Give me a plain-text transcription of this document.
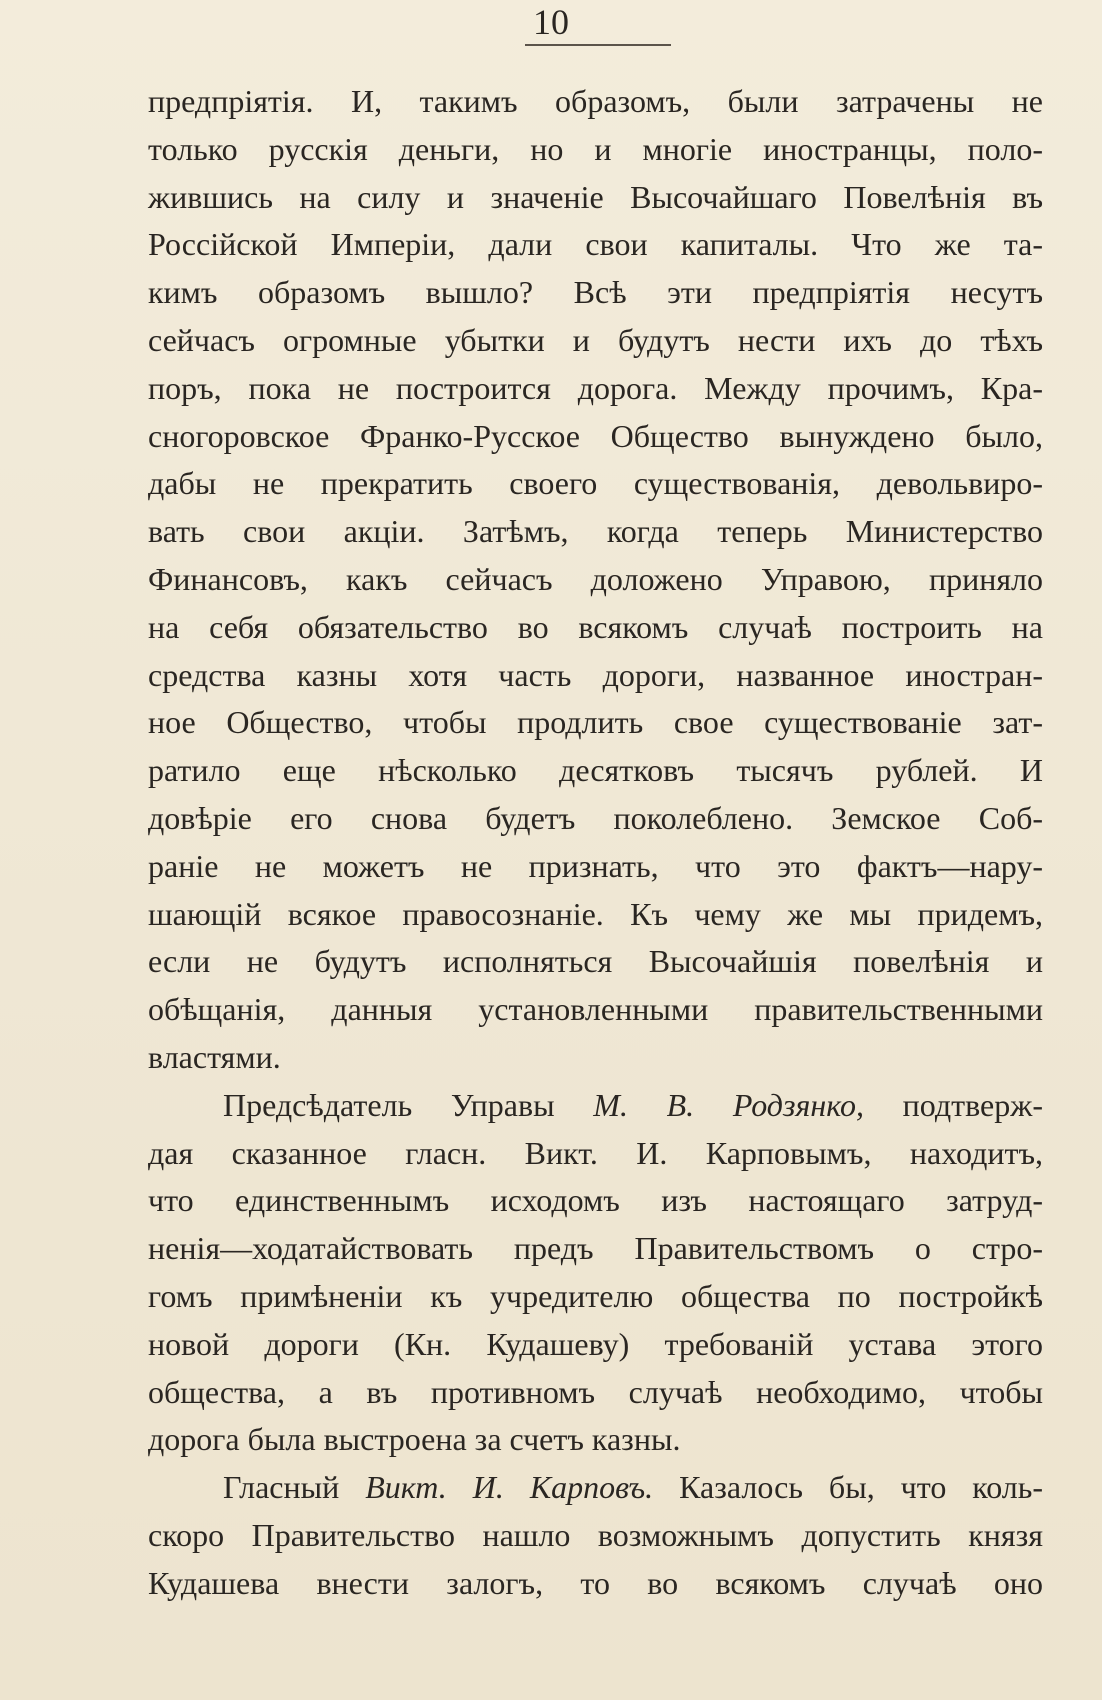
10
предпріятія. И, такимъ образомъ, были затрачены не
только русскія деньги, но и многіе иностранцы, поло-
жившись на силу и значеніе Высочайшаго Повелѣнія въ
Россійской Имперіи, дали свои капиталы. Что же та-
кимъ образомъ вышло? Всѣ эти предпріятія несутъ
сейчасъ огромные убытки и будутъ нести ихъ до тѣхъ
поръ, пока не построится дорога. Между прочимъ, Кра-
сногоровское Франко-Русское Общество вынуждено было,
дабы не прекратить своего существованія, девольвиро-
вать свои акціи. Затѣмъ, когда теперь Министерство
Финансовъ, какъ сейчасъ доложено Управою, приняло
на себя обязательство во всякомъ случаѣ построить на
средства казны хотя часть дороги, названное иностран-
ное Общество, чтобы продлить свое существованіе зат-
ратило еще нѣсколько десятковъ тысячъ рублей. И
довѣріе его снова будетъ поколеблено. Земское Соб-
раніе не можетъ не признать, что это фактъ—нару-
шающій всякое правосознаніе. Къ чему же мы придемъ,
если не будутъ исполняться Высочайшія повелѣнія и
обѣщанія, данныя установленными правительственными
властями.
Предсѣдатель Управы М. В. Родзянко, подтверж-
дая сказанное гласн. Викт. И. Карповымъ, находитъ,
что единственнымъ исходомъ изъ настоящаго затруд-
ненія—ходатайствовать предъ Правительствомъ о стро-
гомъ примѣненіи къ учредителю общества по постройкѣ
новой дороги (Кн. Кудашеву) требованій устава этого
общества, а въ противномъ случаѣ необходимо, чтобы
дорога была выстроена за счетъ казны.
Гласный Викт. И. Карповъ. Казалось бы, что коль-
скоро Правительство нашло возможнымъ допустить князя
Кудашева внести залогъ, то во всякомъ случаѣ оно
